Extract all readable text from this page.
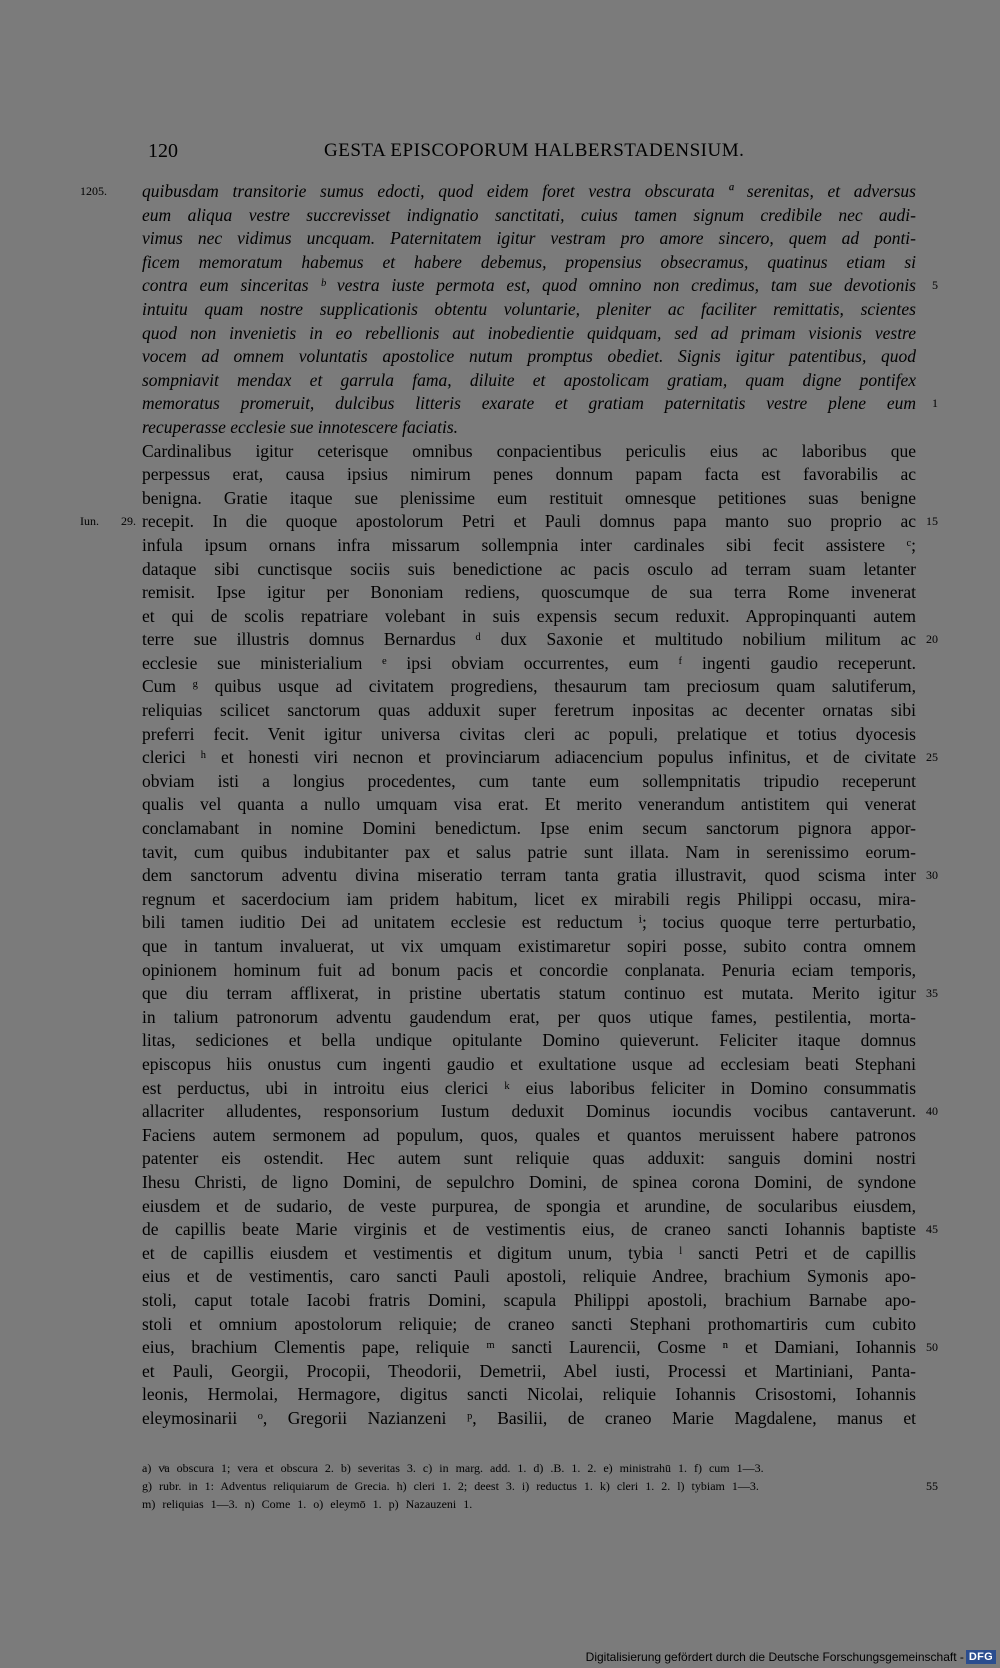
120	GESTA EPISCOPORUM HALBERSTADENSIUM.
quibusdam transitorie sumus edocti, quod eidem foret vestra obscurata ª serenitas, et adversus
1205.
eum aliqua vestre succrevisset indignatio sanctitati, cuius tamen signum credibile nec audi-
vimus nec vidimus uncquam. Paternitatem igitur vestram pro amore sincero, quem ad ponti-
ficem memoratum habemus et habere debemus, propensius obsecramus, quatinus etiam si
contra eum sinceritas ᵇ vestra iuste permota est, quod omnino non credimus, tam sue devotionis 5
intuitu quam nostre supplicationis obtentu voluntarie, pleniter ac faciliter remittatis, scientes
quod non invenietis in eo rebellionis aut inobedientie quidquam, sed ad primam visionis vestre
vocem ad omnem voluntatis apostolice nutum promptus obediet. Signis igitur patentibus, quod
sompniavit mendax et garrula fama, diluite et apostolicam gratiam, quam digne pontifex
memoratus promeruit, dulcibus litteris exarate et gratiam paternitatis vestre plene eum 1
recuperasse ecclesie sue innotescere faciatis.
Cardinalibus igitur ceterisque omnibus conpacientibus periculis eius ac laboribus que
perpessus erat, causa ipsius nimirum penes donnum papam facta est favorabilis ac
benigna. Gratie itaque sue plenissime eum restituit omnesque petitiones suas benigne
recepit. In die quoque apostolorum Petri et Pauli domnus papa manto suo proprio ac
Iun. 29.	15
infula ipsum ornans infra missarum sollempnia inter cardinales sibi fecit assistere ᶜ;
dataque sibi cunctisque sociis suis benedictione ac pacis osculo ad terram suam letanter
remisit. Ipse igitur per Bononiam rediens, quoscumque de sua terra Rome invenerat
et qui de scolis repatriare volebant in suis expensis secum reduxit. Appropinquanti autem
terre sue illustris domnus Bernardus ᵈ dux Saxonie et multitudo nobilium militum ac 20
ecclesie sue ministerialium ᵉ ipsi obviam occurrentes, eum ᶠ ingenti gaudio receperunt.
Cum ᵍ quibus usque ad civitatem progrediens, thesaurum tam preciosum quam salutiferum,
reliquias scilicet sanctorum quas adduxit super feretrum inpositas ac decenter ornatas sibi
preferri fecit. Venit igitur universa civitas cleri ac populi, prelatique et totius dyocesis
clerici ʰ et honesti viri necnon et provinciarum adiacencium populus infinitus, et de civitate 25
obviam isti a longius procedentes, cum tante eum sollempnitatis tripudio receperunt
qualis vel quanta a nullo umquam visa erat. Et merito venerandum antistitem qui venerat
conclamabant in nomine Domini benedictum. Ipse enim secum sanctorum pignora appor-
tavit, cum quibus indubitanter pax et salus patrie sunt illata. Nam in serenissimo eorum-
dem sanctorum adventu divina miseratio terram tanta gratia illustravit, quod scisma inter 30
regnum et sacerdocium iam pridem habitum, licet ex mirabili regis Philippi occasu, mira-
bili tamen iuditio Dei ad unitatem ecclesie est reductum ⁱ; tocius quoque terre perturbatio,
que in tantum invaluerat, ut vix umquam existimaretur sopiri posse, subito contra omnem
opinionem hominum fuit ad bonum pacis et concordie conplanata. Penuria eciam temporis,
que diu terram afflixerat, in pristine ubertatis statum continuo est mutata. Merito igitur 35
in talium patronorum adventu gaudendum erat, per quos utique fames, pestilentia, morta-
litas, sediciones et bella undique opitulante Domino quieverunt. Feliciter itaque domnus
episcopus hiis onustus cum ingenti gaudio et exultatione usque ad ecclesiam beati Stephani
est perductus, ubi in introitu eius clerici ᵏ eius laboribus feliciter in Domino consummatis
allacriter alludentes, responsorium Iustum deduxit Dominus iocundis vocibus cantaverunt. 40
Faciens autem sermonem ad populum, quos, quales et quantos meruissent habere patronos
patenter eis ostendit. Hec autem sunt reliquie quas adduxit: sanguis domini nostri
Ihesu Christi, de ligno Domini, de sepulchro Domini, de spinea corona Domini, de syndone
eiusdem et de sudario, de veste purpurea, de spongia et arundine, de socularibus eiusdem,
de capillis beate Marie virginis et de vestimentis eius, de craneo sancti Iohannis baptiste 45
et de capillis eiusdem et vestimentis et digitum unum, tybia ˡ sancti Petri et de capillis
eius et de vestimentis, caro sancti Pauli apostoli, reliquie Andree, brachium Symonis apo-
stoli, caput totale Iacobi fratris Domini, scapula Philippi apostoli, brachium Barnabe apo-
stoli et omnium apostolorum reliquie; de craneo sancti Stephani prothomartiris cum cubito
eius, brachium Clementis pape, reliquie ᵐ sancti Laurencii, Cosme ⁿ et Damiani, Iohannis 50
et Pauli, Georgii, Procopii, Theodorii, Demetrii, Abel iusti, Processi et Martiniani, Panta-
leonis, Hermolai, Hermagore, digitus sancti Nicolai, reliquie Iohannis Crisostomi, Iohannis
eleymosinarii ᵒ, Gregorii Nazianzeni ᵖ, Basilii, de craneo Marie Magdalene, manus et
a) vͣa obscura 1; vera et obscura 2. b) severitas 3. c) in marg. add. 1. d) .B. 1. 2. e) ministrahū 1. f) cum 1—3.
g) rubr. in 1: Adventus reliquiarum de Grecia. h) cleri 1. 2; deest 3. i) reductus 1. k) cleri 1. 2. l) tybiam 1—3.	55
m) reliquias 1—3. n) Come 1. o) eleymō 1. p) Nazauzeni 1.
Digitalisierung gefördert durch die Deutsche Forschungsgemeinschaft - DFG
